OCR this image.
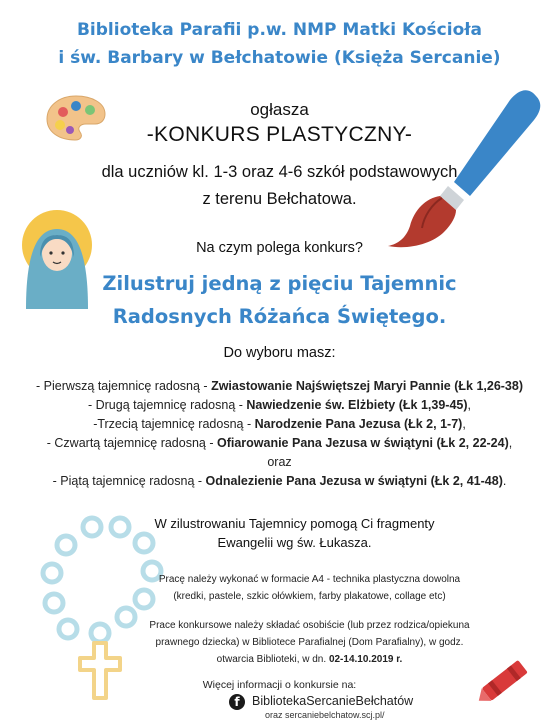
Biblioteka Parafii p.w. NMP Matki Kościoła
i św. Barbary w Bełchatowie (Księża Sercanie)
ogłasza
-KONKURS PLASTYCZNY-
dla uczniów kl. 1-3 oraz 4-6 szkół podstawowych
z terenu Bełchatowa.
Na czym polega konkurs?
Zilustruj jedną z pięciu Tajemnic
Radosnych Różańca Świętego.
Do wyboru masz:
- Pierwszą tajemnicę radosną - Zwiastowanie Najświętszej Maryi Pannie (Łk 1,26-38)
- Drugą tajemnicę radosną - Nawiedzenie św. Elżbiety (Łk 1,39-45),
-Trzecią tajemnicę radosną - Narodzenie Pana Jezusa (Łk 2, 1-7),
- Czwartą tajemnicę radosną - Ofiarowanie Pana Jezusa w świątyni (Łk 2, 22-24),
oraz
- Piątą tajemnicę radosną - Odnalezienie Pana Jezusa w świątyni (Łk 2, 41-48).
W zilustrowaniu Tajemnicy pomogą Ci fragmenty
Ewangelii wg św. Łukasza.
Pracę należy wykonać w formacie A4 - technika plastyczna dowolna
(kredki, pastele, szkic ołówkiem, farby plakatowe, collage etc)
Prace konkursowe należy składać osobiście (lub przez rodzica/opiekuna
prawnego dziecka) w Bibliotece Parafialnej (Dom Parafialny), w godz.
otwarcia Biblioteki, w dn. 02-14.10.2019 r.
Więcej informacji o konkursie na:
f BibliotekaSercanieBełchatów
oraz sercaniebelchatow.scj.pl/
